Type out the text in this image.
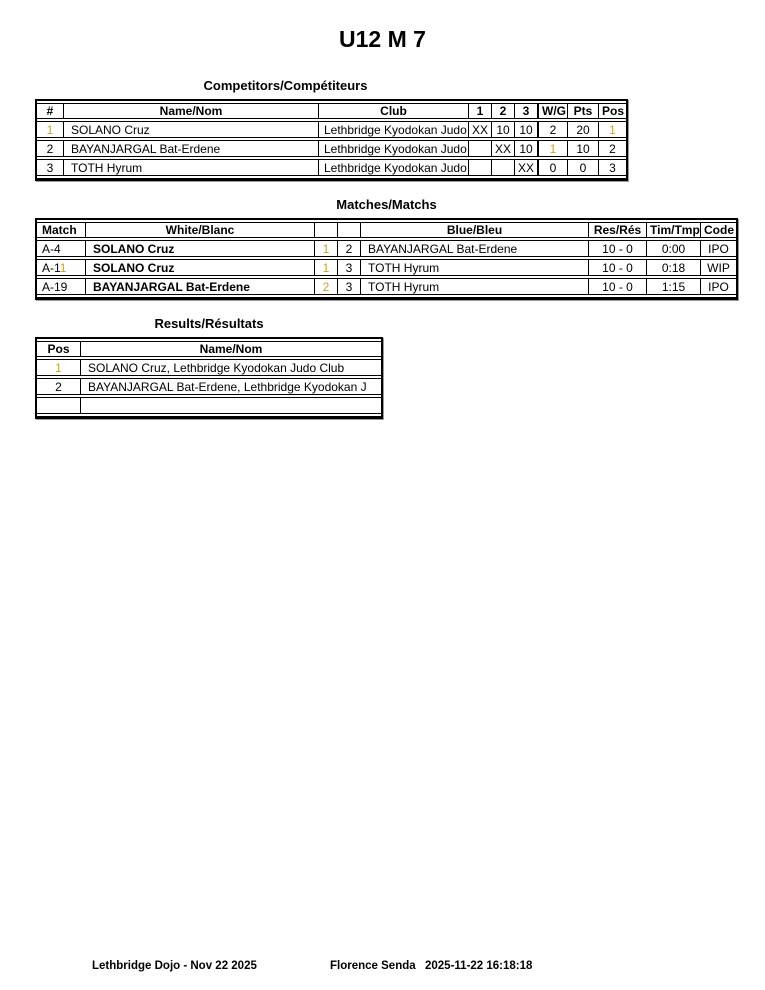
U12 M 7
Competitors/Compétiteurs
#	Name/Nom	Club	1	2	3	W/G	Pts	Pos
1	SOLANO Cruz	Lethbridge Kyodokan Judo	XX	10	10	2	20	1
2	BAYANJARGAL Bat-Erdene	Lethbridge Kyodokan Judo		XX	10	1	10	2
3	TOTH Hyrum	Lethbridge Kyodokan Judo			XX	0	0	3
Matches/Matchs
Match	White/Blanc			Blue/Bleu	Res/Rés	Tim/Tmp	Code
A-4	SOLANO Cruz	1	2	BAYANJARGAL Bat-Erdene	10 - 0	0:00	IPO
A-11	SOLANO Cruz	1	3	TOTH Hyrum	10 - 0	0:18	WIP
A-19	BAYANJARGAL Bat-Erdene	2	3	TOTH Hyrum	10 - 0	1:15	IPO
Results/Résultats
Pos	Name/Nom
1	SOLANO Cruz, Lethbridge Kyodokan Judo Club
2	BAYANJARGAL Bat-Erdene, Lethbridge Kyodokan J

Lethbridge Dojo - Nov 22 2025	Florence Senda 2025-11-22 16:18:18
